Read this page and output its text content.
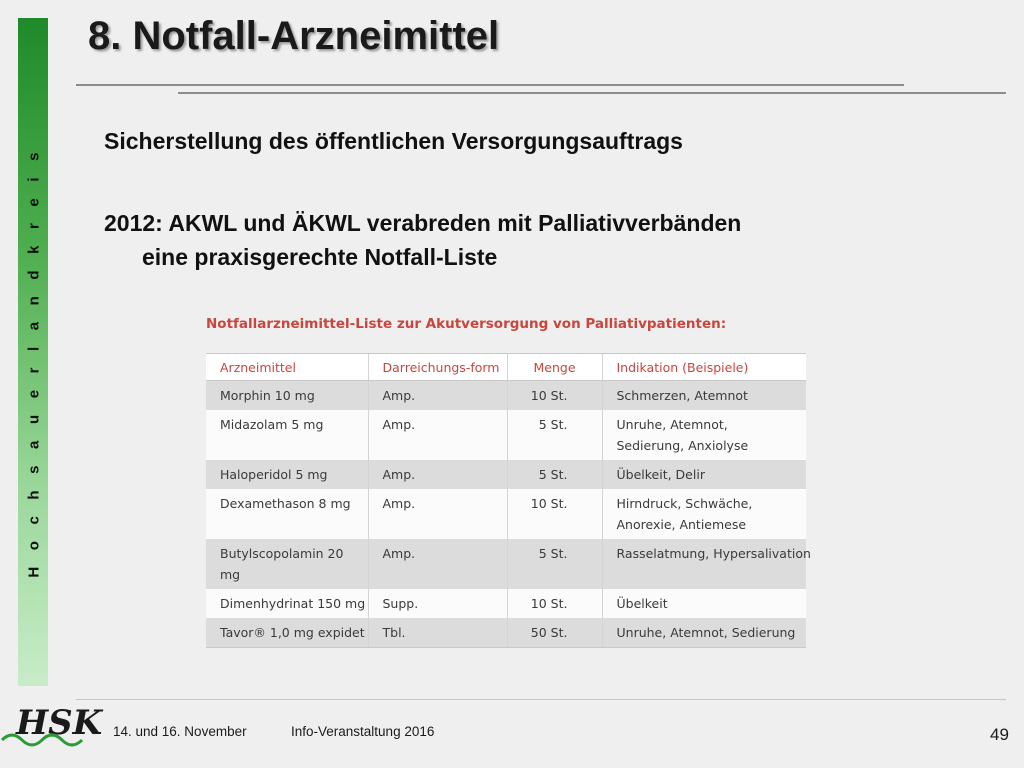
H o c h s a u e r l a n d k r e i s
8. Notfall-Arzneimittel
Sicherstellung des öffentlichen Versorgungsauftrags
2012: AKWL und ÄKWL verabreden mit Palliativverbänden
eine praxisgerechte Notfall-Liste
Notfallarzneimittel-Liste zur Akutversorgung von Palliativpatienten:
Arzneimittel	Darreichungs-form	Menge	Indikation (Beispiele)
Morphin 10 mg	Amp.	10 St.	Schmerzen, Atemnot

Midazolam 5 mg	Amp.	5 St.	Unruhe, Atemnot,
Sedierung, Anxiolyse

Haloperidol 5 mg	Amp.	5 St.	Übelkeit, Delir

Dexamethason 8 mg	Amp.	10 St.	Hirndruck, Schwäche,
Anorexie, Antiemese

Butylscopolamin 20 mg	Amp.	5 St.	Rasselatmung, Hypersalivation

Dimenhydrinat 150 mg	Supp.	10 St.	Übelkeit

Tavor® 1,0 mg expidet	Tbl.	50 St.	Unruhe, Atemnot, Sedierung
HSK 14. und 16. November	Info-Veranstaltung 2016	49
